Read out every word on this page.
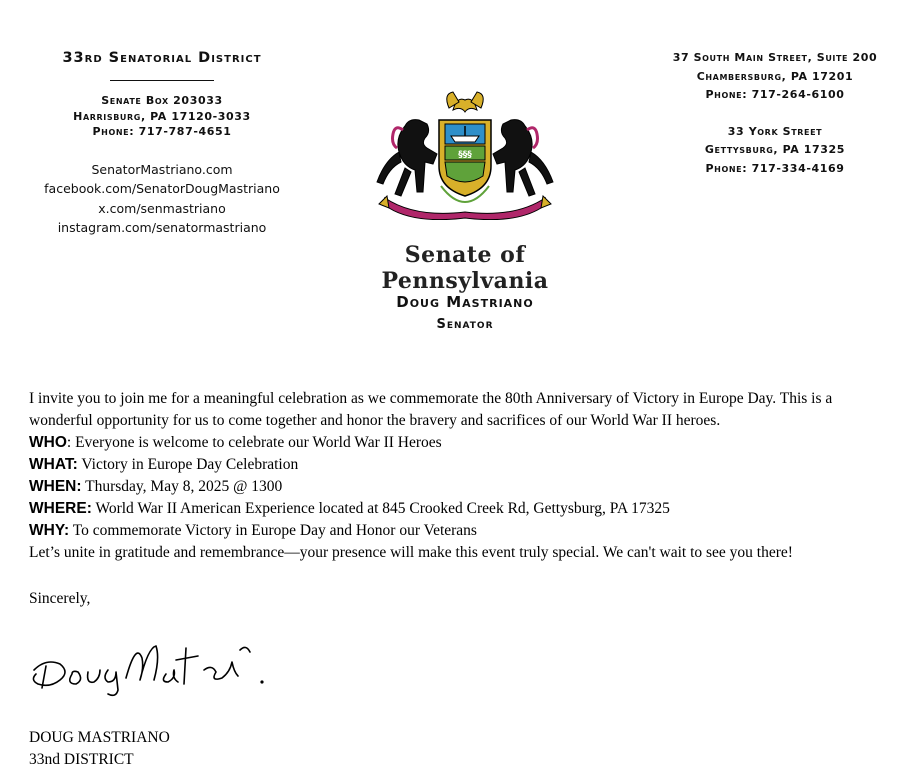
33rd Senatorial District
Senate Box 203033
Harrisburg, PA 17120-3033
Phone: 717-787-4651
SenatorMastriano.com
facebook.com/SenatorDougMastriano
x.com/senmastriano
instagram.com/senatormastriano
37 South Main Street, Suite 200
Chambersburg, PA 17201
Phone: 717-264-6100
33 York Street
Gettysburg, PA 17325
Phone: 717-334-4169
§§§
Senate of Pennsylvania
Doug Mastriano
Senator

I invite you to join me for a meaningful celebration as we commemorate the 80th Anniversary of Victory in Europe Day. This is a wonderful opportunity for us to come together and honor the bravery and sacrifices of our World War II heroes.

WHO: Everyone is welcome to celebrate our World War II Heroes

WHAT: Victory in Europe Day Celebration

WHEN: Thursday, May 8, 2025 @ 1300

WHERE: World War II American Experience located at 845 Crooked Creek Rd, Gettysburg, PA 17325

WHY: To commemorate Victory in Europe Day and Honor our Veterans

Let’s unite in gratitude and remembrance—your presence will make this event truly special. We can't wait to see you there!

Sincerely,
DOUG MASTRIANO
33nd DISTRICT
